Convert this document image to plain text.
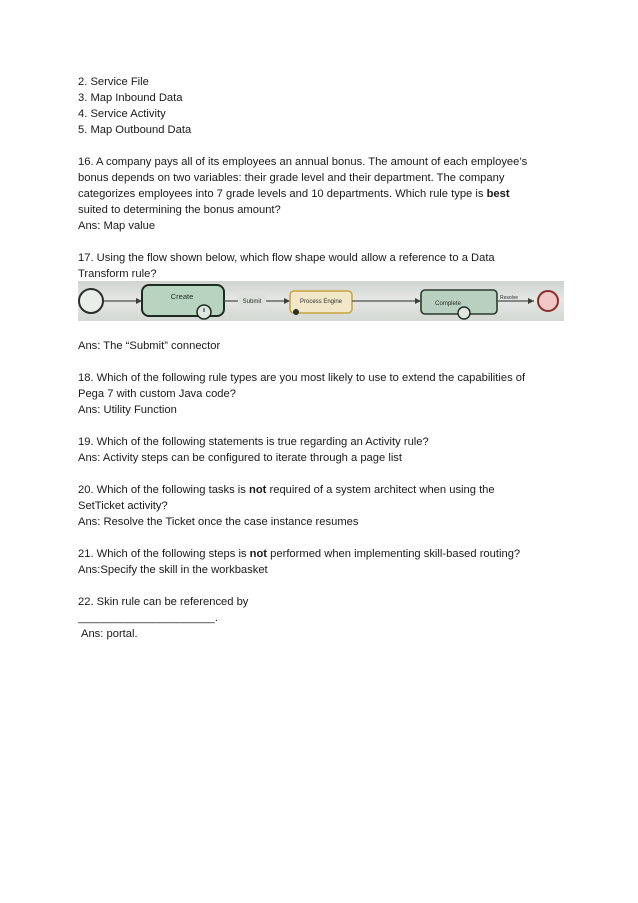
2. Service File

3. Map Inbound Data

4. Service Activity

5. Map Outbound Data

16. A company pays all of its employees an annual bonus. The amount of each employee’s

bonus depends on two variables: their grade level and their department. The company

categorizes employees into 7 grade levels and 10 departments. Which rule type is best

suited to determining the bonus amount?

Ans: Map value

17. Using the flow shown below, which flow shape would allow a reference to a Data

Transform rule?

Ans: The “Submit” connector

18. Which of the following rule types are you most likely to use to extend the capabilities of

Pega 7 with custom Java code?

Ans: Utility Function

19. Which of the following statements is true regarding an Activity rule?

Ans: Activity steps can be configured to iterate through a page list

20. Which of the following tasks is not required of a system architect when using the

SetTicket activity?

Ans: Resolve the Ticket once the case instance resumes

21. Which of the following steps is not performed when implementing skill-based routing?

Ans:Specify the skill in the workbasket

22. Skin rule can be referenced by

______________________.

Ans: portal.

Create
Submit	Process Engine	Complete
Resolve
